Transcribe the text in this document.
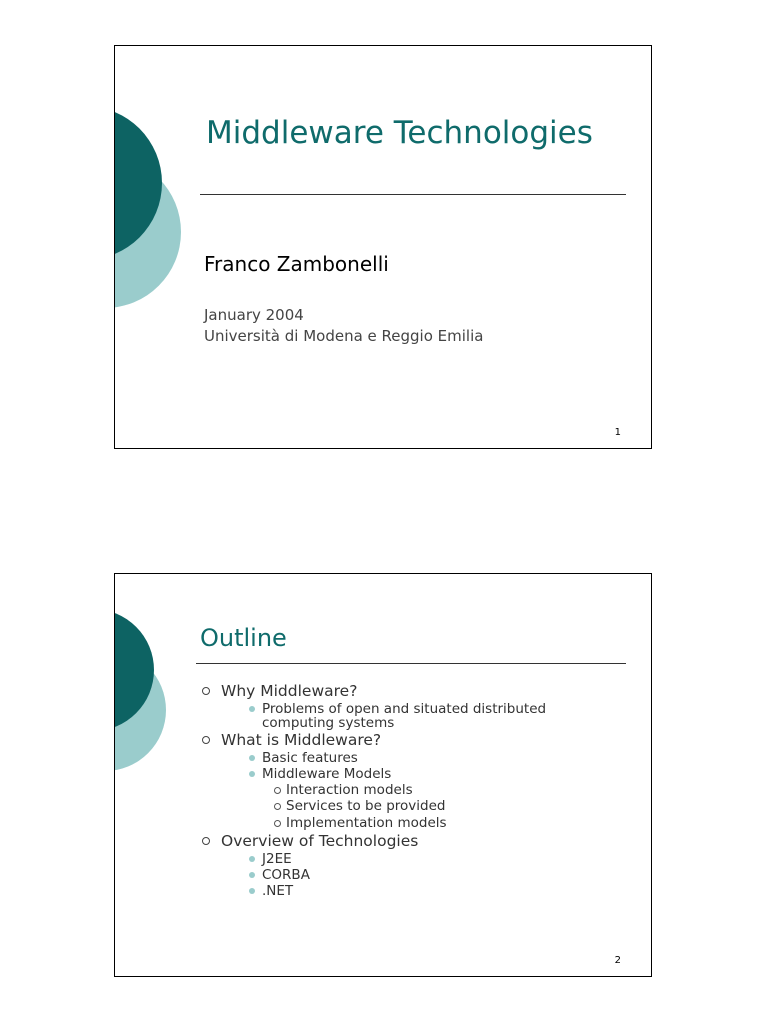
Middleware Technologies
Franco Zambonelli
January 2004
Università di Modena e Reggio Emilia
1
Outline
Why Middleware?
Problems of open and situated distributed
computing systems
What is Middleware?
Basic features
Middleware Models
Interaction models
Services to be provided
Implementation models
Overview of Technologies
J2EE
CORBA
.NET
2
